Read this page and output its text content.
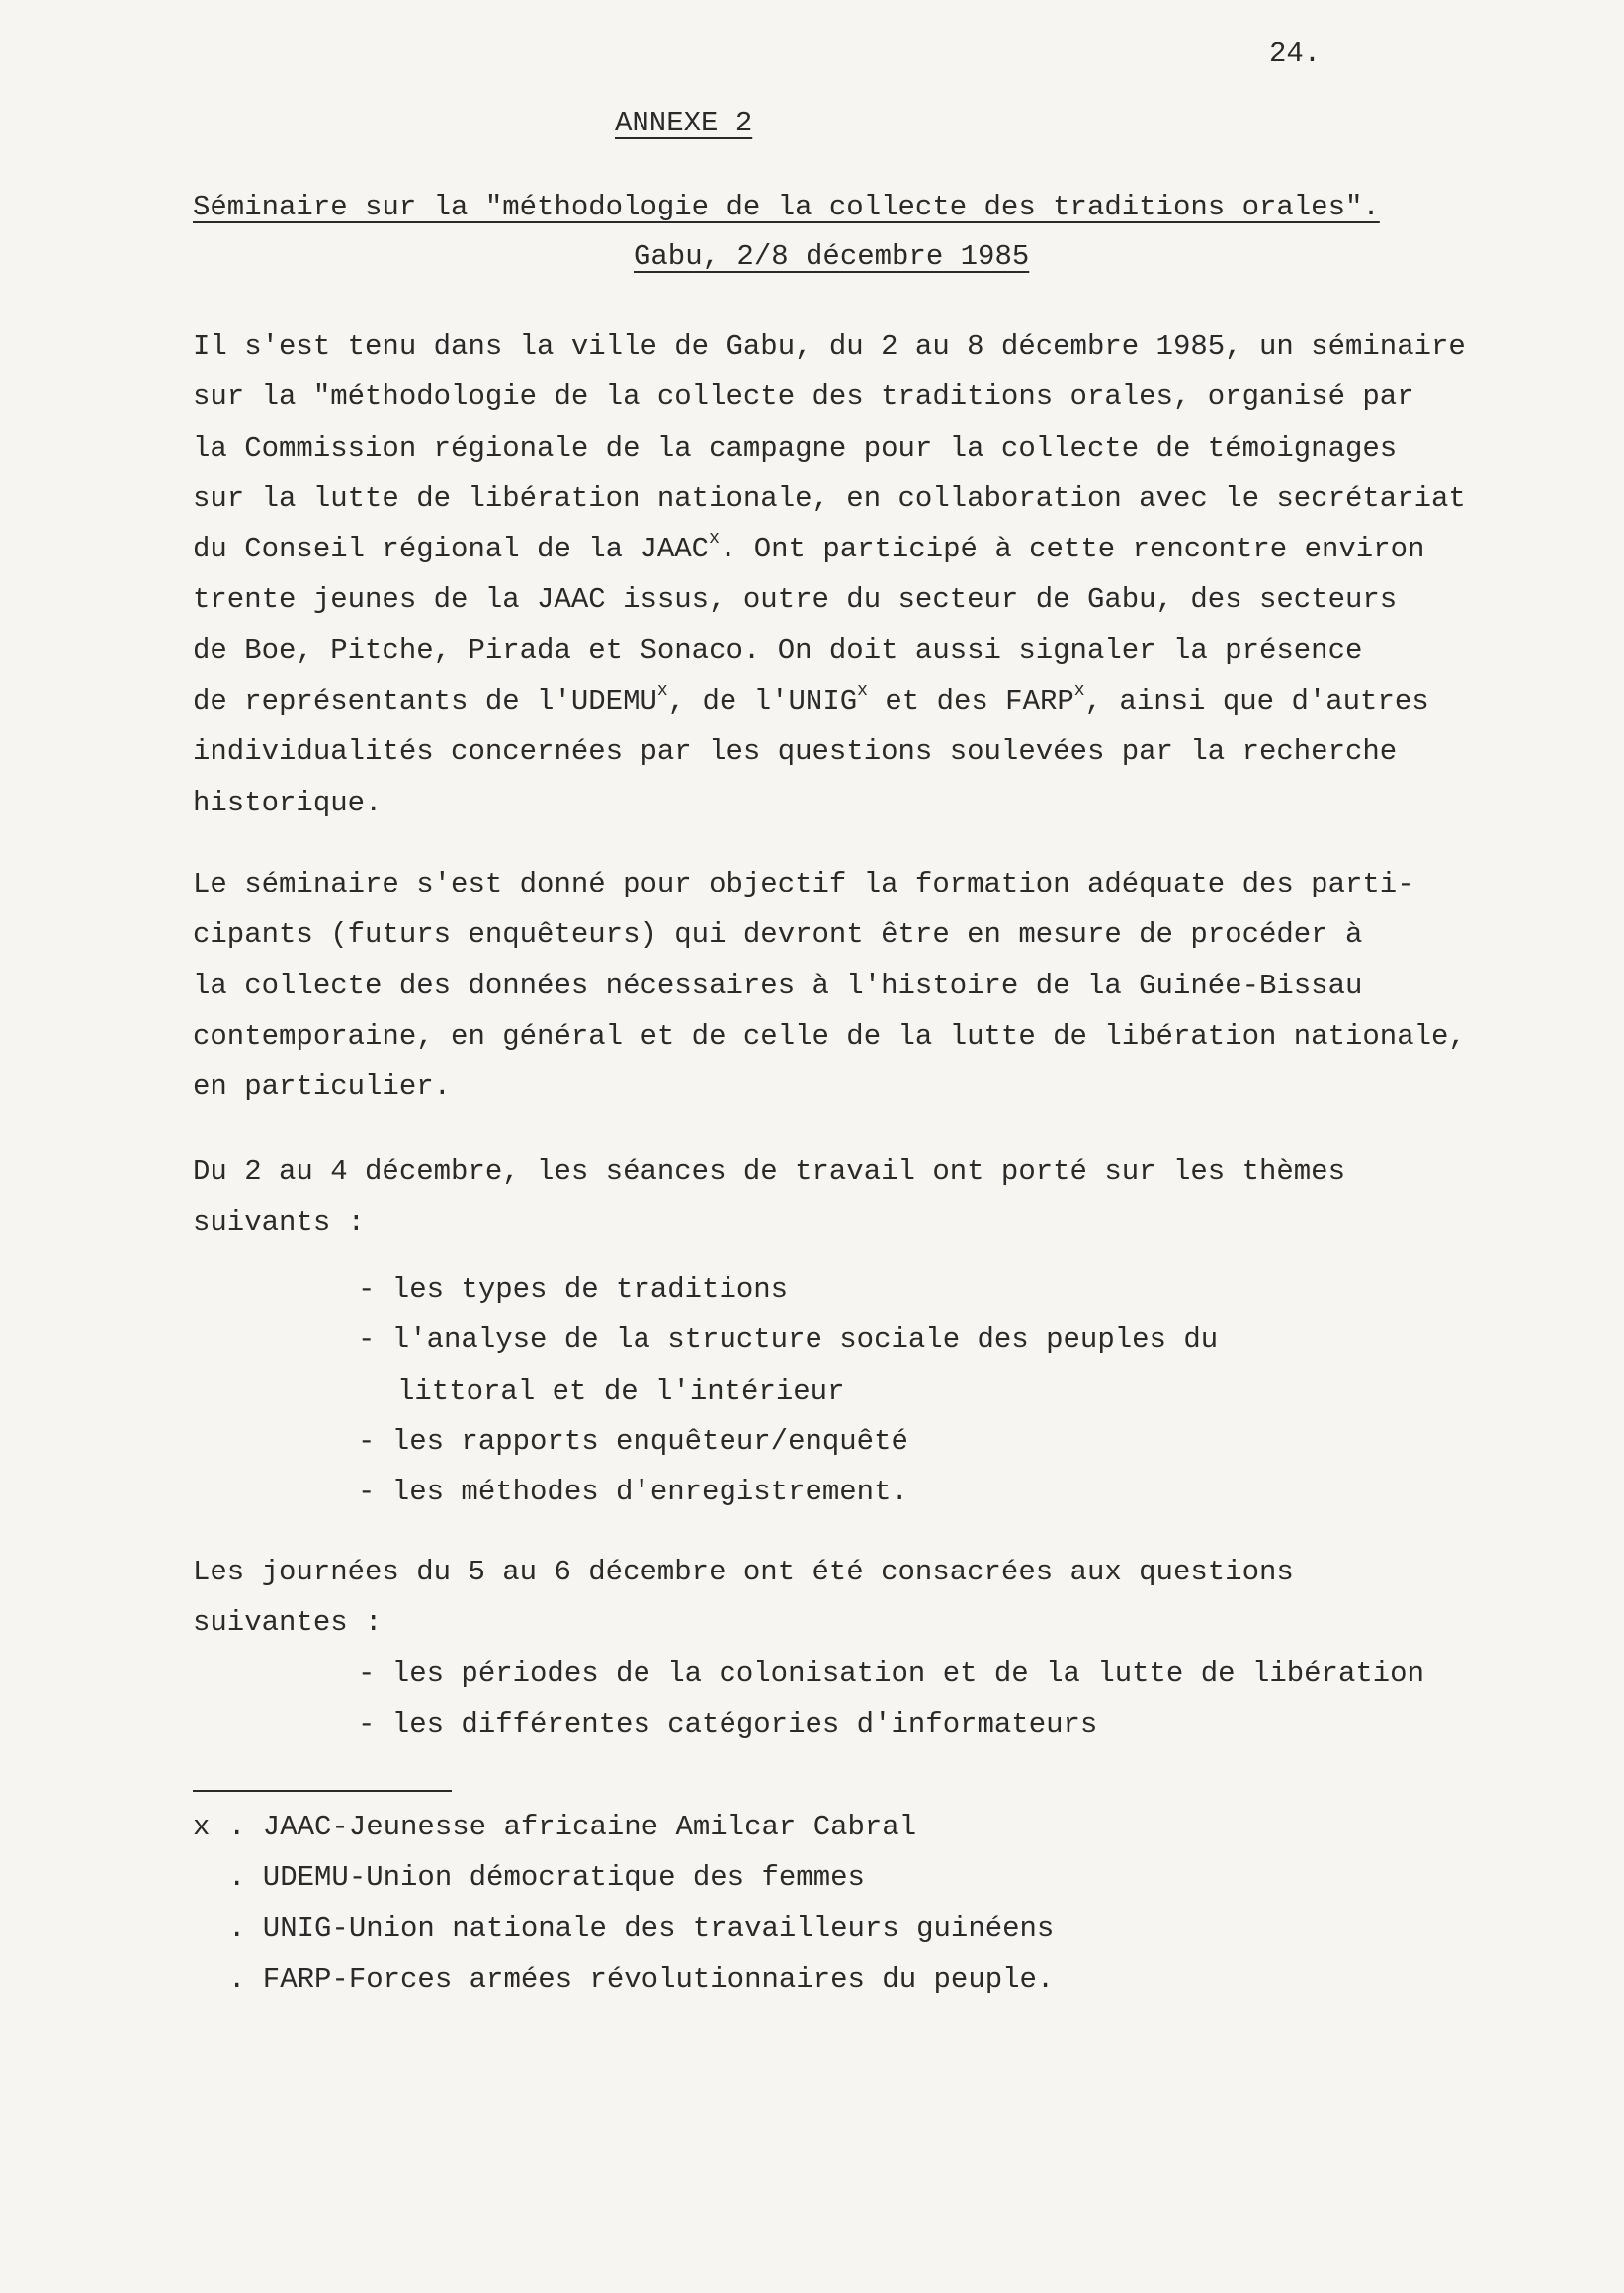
24.
ANNEXE 2
Séminaire sur la "méthodologie de la collecte des traditions orales".
Gabu, 2/8 décembre 1985
Il s'est tenu dans la ville de Gabu, du 2 au 8 décembre 1985, un séminaire
sur la "méthodologie de la collecte des traditions orales, organisé par
la Commission régionale de la campagne pour la collecte de témoignages
sur la lutte de libération nationale, en collaboration avec le secrétariat
du Conseil régional de la JAAC$^x$. Ont participé à cette rencontre environ
trente jeunes de la JAAC issus, outre du secteur de Gabu, des secteurs
de Boe, Pitche, Pirada et Sonaco. On doit aussi signaler la présence
de représentants de l'UDEMU$^x$, de l'UNIG$^x$ et des FARP$^x$, ainsi que d'autres
individualités concernées par les questions soulevées par la recherche
historique.
Le séminaire s'est donné pour objectif la formation adéquate des parti-
cipants (futurs enquêteurs) qui devront être en mesure de procéder à
la collecte des données nécessaires à l'histoire de la Guinée-Bissau
contemporaine, en général et de celle de la lutte de libération nationale,
en particulier.
Du 2 au 4 décembre, les séances de travail ont porté sur les thèmes
suivants :
- les types de traditions
- l'analyse de la structure sociale des peuples du
littoral et de l'intérieur
- les rapports enquêteur/enquêté
- les méthodes d'enregistrement.
Les journées du 5 au 6 décembre ont été consacrées aux questions
suivantes :
- les périodes de la colonisation et de la lutte de libération
- les différentes catégories d'informateurs
x . JAAC-Jeunesse africaine Amilcar Cabral
. UDEMU-Union démocratique des femmes
. UNIG-Union nationale des travailleurs guinéens
. FARP-Forces armées révolutionnaires du peuple.
